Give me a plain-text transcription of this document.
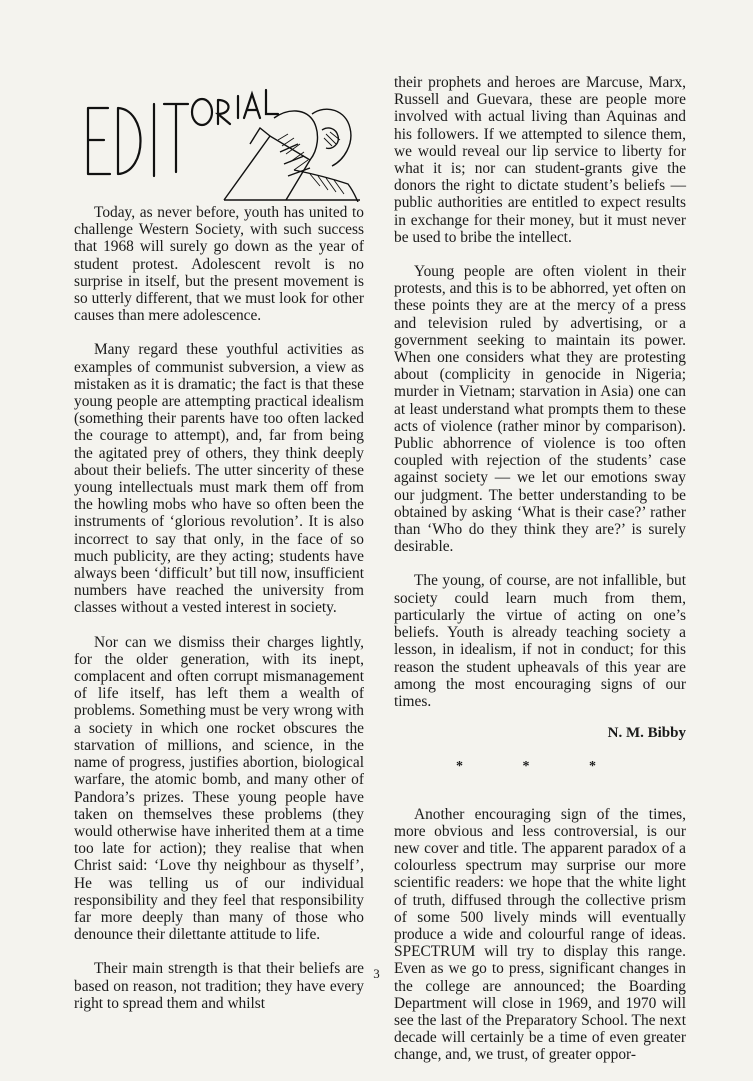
Today, as never before, youth has united to challenge Western Society, with such success that 1968 will surely go down as the year of student protest. Adolescent revolt is no surprise in itself, but the present movement is so utterly different, that we must look for other causes than mere adolescence.

Many regard these youthful activities as examples of communist subversion, a view as mistaken as it is dramatic; the fact is that these young people are attempting practical idealism (something their parents have too often lacked the courage to attempt), and, far from being the agitated prey of others, they think deeply about their beliefs. The utter sincerity of these young intellectuals must mark them off from the howling mobs who have so often been the instruments of ‘glorious revolution’. It is also incorrect to say that only, in the face of so much publicity, are they acting; students have always been ‘difficult’ but till now, insufficient numbers have reached the university from classes without a vested interest in society.

Nor can we dismiss their charges lightly, for the older generation, with its inept, complacent and often corrupt mismanagement of life itself, has left them a wealth of problems. Something must be very wrong with a society in which one rocket obscures the starvation of millions, and science, in the name of progress, justifies abortion, biological warfare, the atomic bomb, and many other of Pandora’s prizes. These young people have taken on themselves these problems (they would otherwise have inherited them at a time too late for action); they realise that when Christ said: ‘Love thy neighbour as thyself’, He was telling us of our individual responsibility and they feel that responsibility far more deeply than many of those who denounce their dilettante attitude to life.

Their main strength is that their beliefs are based on reason, not tradition; they have every right to spread them and whilst

their prophets and heroes are Marcuse, Marx, Russell and Guevara, these are people more involved with actual living than Aquinas and his followers. If we attempted to silence them, we would reveal our lip service to liberty for what it is; nor can student-grants give the donors the right to dictate student’s beliefs — public authorities are entitled to expect results in exchange for their money, but it must never be used to bribe the intellect.

Young people are often violent in their protests, and this is to be abhorred, yet often on these points they are at the mercy of a press and television ruled by advertising, or a government seeking to maintain its power. When one considers what they are protesting about (complicity in genocide in Nigeria; murder in Vietnam; starvation in Asia) one can at least understand what prompts them to these acts of violence (rather minor by comparison). Public abhorrence of violence is too often coupled with rejection of the students’ case against society — we let our emotions sway our judgment. The better understanding to be obtained by asking ‘What is their case?’ rather than ‘Who do they think they are?’ is surely desirable.

The young, of course, are not infallible, but society could learn much from them, particularly the virtue of acting on one’s beliefs. Youth is already teaching society a lesson, in idealism, if not in conduct; for this reason the student upheavals of this year are among the most encouraging signs of our times.

N. M. Bibby
* * *

Another encouraging sign of the times, more obvious and less controversial, is our new cover and title. The apparent paradox of a colourless spectrum may surprise our more scientific readers: we hope that the white light of truth, diffused through the collective prism of some 500 lively minds will eventually produce a wide and colourful range of ideas. SPECTRUM will try to display this range. Even as we go to press, significant changes in the college are announced; the Boarding Department will close in 1969, and 1970 will see the last of the Preparatory School. The next decade will certainly be a time of even greater change, and, we trust, of greater oppor-

3
